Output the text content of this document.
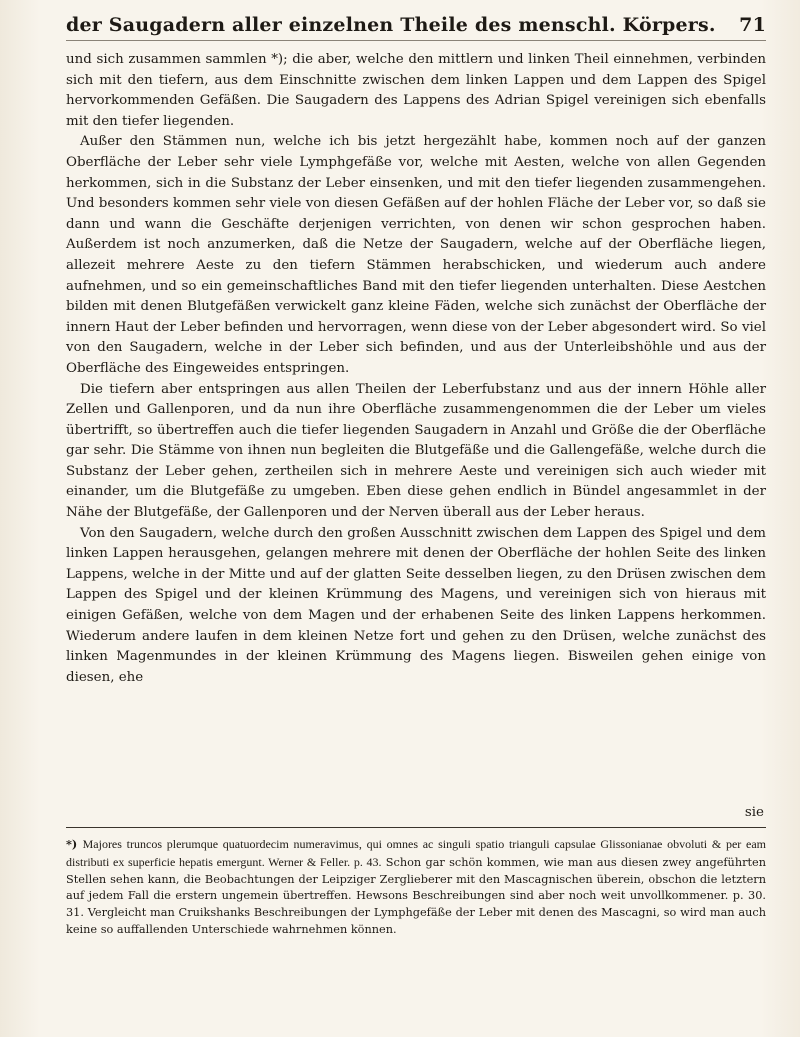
der Saugadern aller einzelnen Theile des menschl. Körpers. 71

und sich zusammen sammlen *); die aber, welche den mittlern und linken Theil einnehmen, verbinden sich mit den tiefern, aus dem Einschnitte zwischen dem linken Lappen und dem Lappen des Spigel hervorkommenden Gefäßen. Die Saugadern des Lappens des Adrian Spigel vereinigen sich ebenfalls mit den tiefer liegenden.

Außer den Stämmen nun, welche ich bis jetzt hergezählt habe, kommen noch auf der ganzen Oberfläche der Leber sehr viele Lymphgefäße vor, welche mit Aesten, welche von allen Gegenden herkommen, sich in die Substanz der Leber einsenken, und mit den tiefer liegenden zusammengehen. Und besonders kommen sehr viele von diesen Gefäßen auf der hohlen Fläche der Leber vor, so daß sie dann und wann die Geschäfte derjenigen verrichten, von denen wir schon gesprochen haben. Außerdem ist noch anzumerken, daß die Netze der Saugadern, welche auf der Oberfläche liegen, allezeit mehrere Aeste zu den tiefern Stämmen herabschicken, und wiederum auch andere aufnehmen, und so ein gemeinschaftliches Band mit den tiefer liegenden unterhalten. Diese Aestchen bilden mit denen Blutgefäßen verwickelt ganz kleine Fäden, welche sich zunächst der Oberfläche der innern Haut der Leber befinden und hervorragen, wenn diese von der Leber abgesondert wird. So viel von den Saugadern, welche in der Leber sich befinden, und aus der Unterleibshöhle und aus der Oberfläche des Eingeweides entspringen.

Die tiefern aber entspringen aus allen Theilen der Leberfubstanz und aus der innern Höhle aller Zellen und Gallenporen, und da nun ihre Oberfläche zusammengenommen die der Leber um vieles übertrifft, so übertreffen auch die tiefer liegenden Saugadern in Anzahl und Größe die der Oberfläche gar sehr. Die Stämme von ihnen nun begleiten die Blutgefäße und die Gallengefäße, welche durch die Substanz der Leber gehen, zertheilen sich in mehrere Aeste und vereinigen sich auch wieder mit einander, um die Blutgefäße zu umgeben. Eben diese gehen endlich in Bündel angesammlet in der Nähe der Blutgefäße, der Gallenporen und der Nerven überall aus der Leber heraus.

Von den Saugadern, welche durch den großen Ausschnitt zwischen dem Lappen des Spigel und dem linken Lappen herausgehen, gelangen mehrere mit denen der Oberfläche der hohlen Seite des linken Lappens, welche in der Mitte und auf der glatten Seite desselben liegen, zu den Drüsen zwischen dem Lappen des Spigel und der kleinen Krümmung des Magens, und vereinigen sich von hieraus mit einigen Gefäßen, welche von dem Magen und der erhabenen Seite des linken Lappens herkommen. Wiederum andere laufen in dem kleinen Netze fort und gehen zu den Drüsen, welche zunächst des linken Magenmundes in der kleinen Krümmung des Magens liegen. Bisweilen gehen einige von diesen, ehe

sie
*) Majores truncos plerumque quatuordecim numeravimus, qui omnes ac singuli spatio trianguli capsulae Glissonianae obvoluti & per eam distributi ex superficie hepatis emergunt. Werner & Feller. p. 43. Schon gar schön kommen, wie man aus diesen zwey angeführten Stellen sehen kann, die Beobachtungen der Leipziger Zerglieberer mit den Mascagnischen überein, obschon die letztern auf jedem Fall die erstern ungemein übertreffen. Hewsons Beschreibungen sind aber noch weit unvollkommener. p. 30. 31. Vergleicht man Cruikshanks Beschreibungen der Lymphgefäße der Leber mit denen des Mascagni, so wird man auch keine so auffallenden Unterschiede wahrnehmen können.
